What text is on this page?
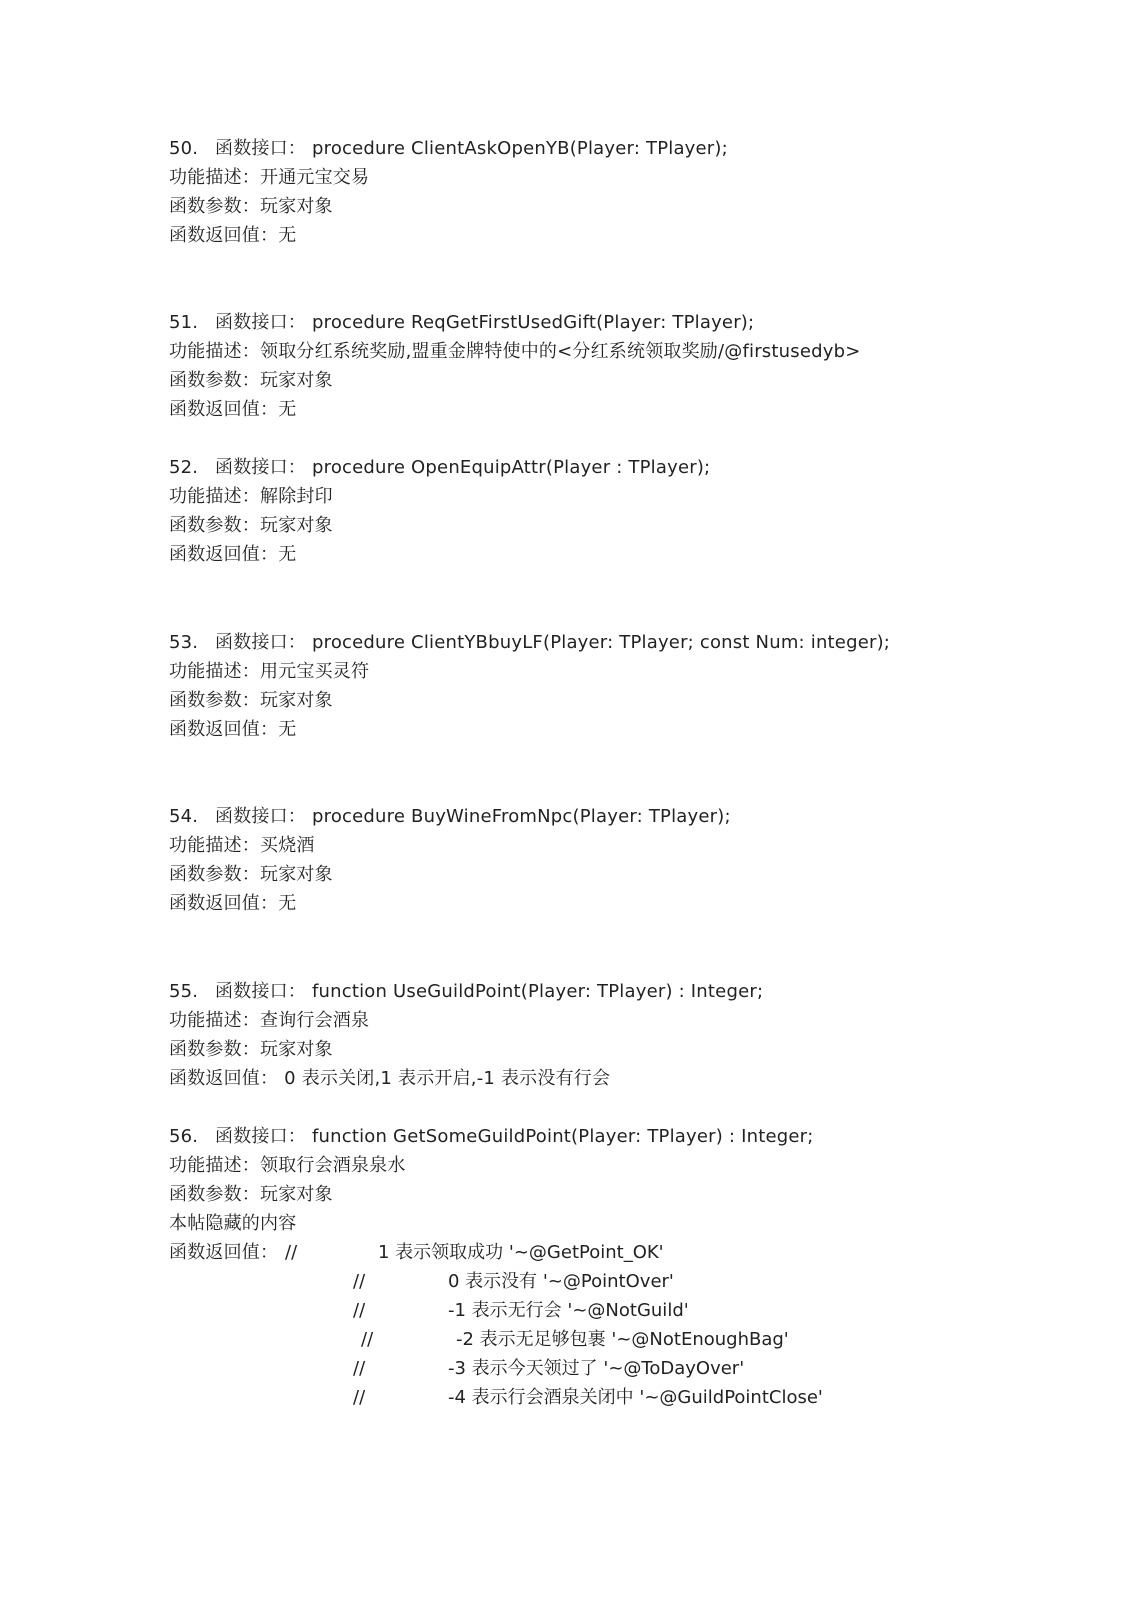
50. 函数接口： procedure ClientAskOpenYB(Player: TPlayer);
功能描述：开通元宝交易
函数参数：玩家对象
函数返回值：无
51. 函数接口： procedure ReqGetFirstUsedGift(Player: TPlayer);
功能描述：领取分红系统奖励,盟重金牌特使中的<分红系统领取奖励/@firstusedyb>
函数参数：玩家对象
函数返回值：无
52. 函数接口： procedure OpenEquipAttr(Player : TPlayer);
功能描述：解除封印
函数参数：玩家对象
函数返回值：无
53. 函数接口： procedure ClientYBbuyLF(Player: TPlayer; const Num: integer);
功能描述：用元宝买灵符
函数参数：玩家对象
函数返回值：无
54. 函数接口： procedure BuyWineFromNpc(Player: TPlayer);
功能描述：买烧酒
函数参数：玩家对象
函数返回值：无
55. 函数接口： function UseGuildPoint(Player: TPlayer) : Integer;
功能描述：查询行会酒泉
函数参数：玩家对象
函数返回值： 0 表示关闭,1 表示开启,-1 表示没有行会
56. 函数接口： function GetSomeGuildPoint(Player: TPlayer) : Integer;
功能描述：领取行会酒泉泉水
函数参数：玩家对象
本帖隐藏的内容
函数返回值： //	1 表示领取成功 '~@GetPoint_OK'
//	0 表示没有 '~@PointOver'
//	-1 表示无行会 '~@NotGuild'
//	-2 表示无足够包裹 '~@NotEnoughBag'
//	-3 表示今天领过了 '~@ToDayOver'
//	-4 表示行会酒泉关闭中 '~@GuildPointClose'
